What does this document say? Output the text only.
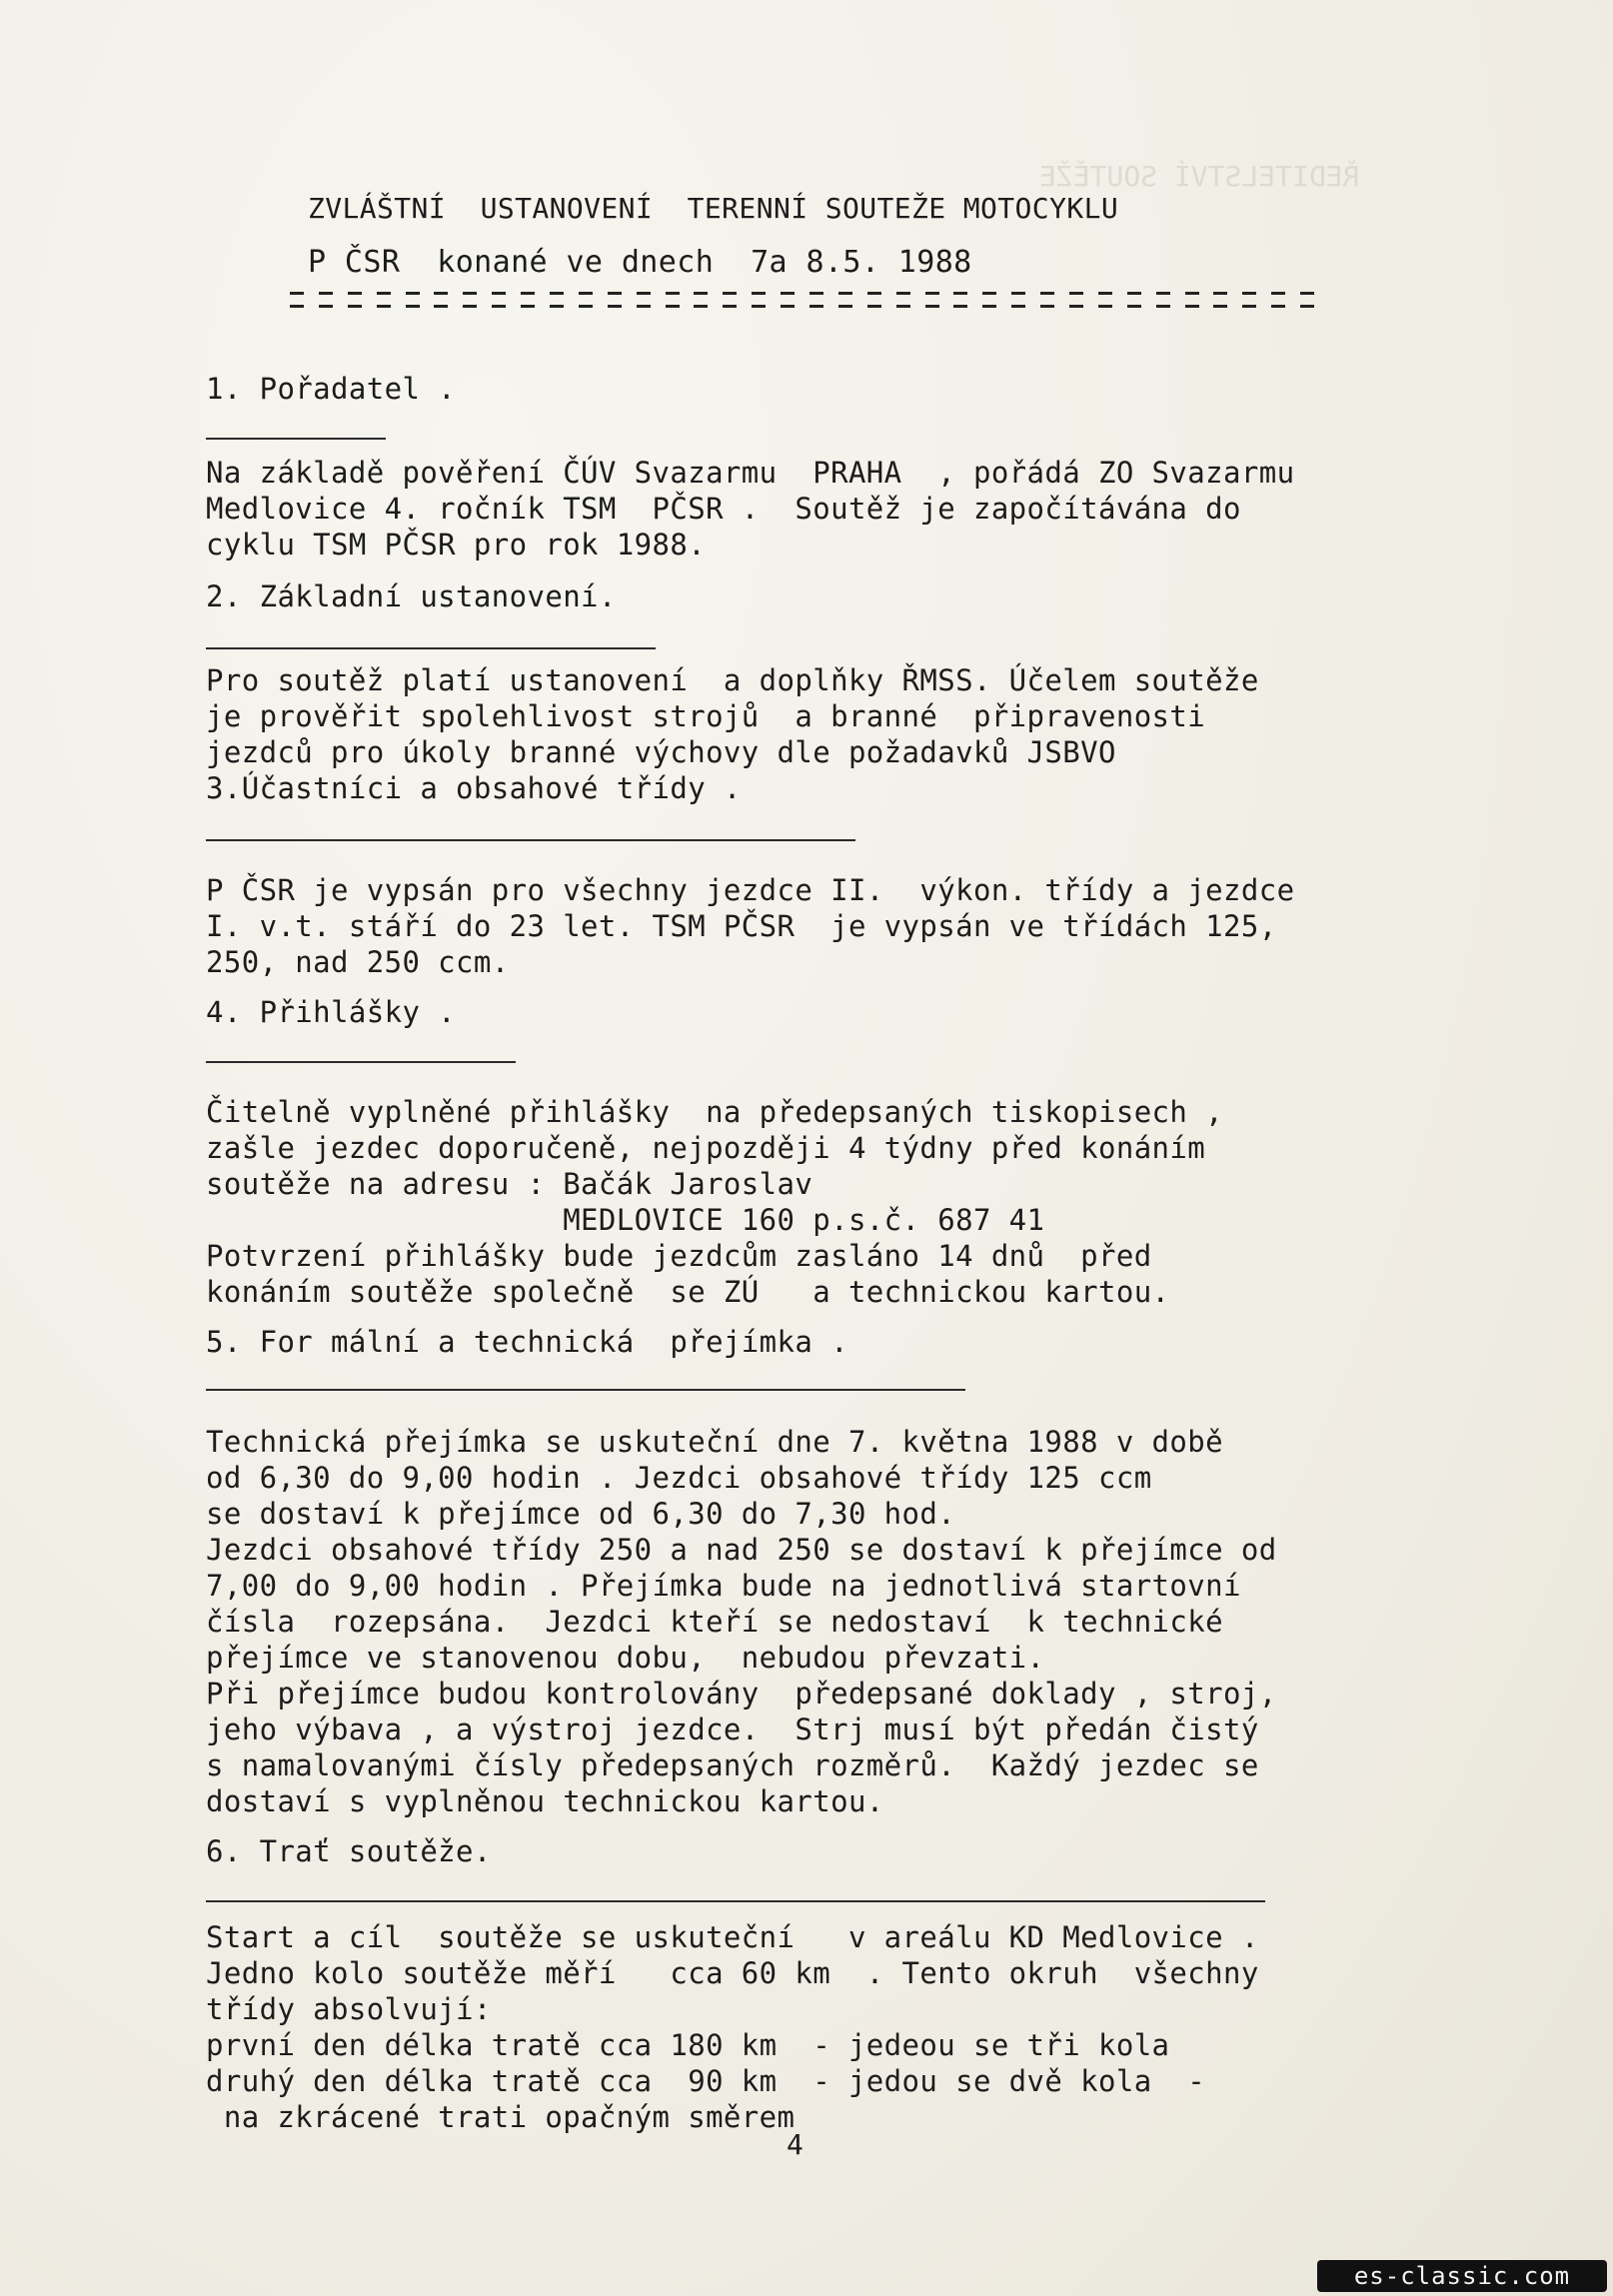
ŘEDITELSTVÍ SOUTĚŽE
ZVLÁŠTNÍ  USTANOVENÍ  TERENNÍ SOUTEŽE MOTOCYKLU
P ČSR  konané ve dnech  7a 8.5. 1988
1. Pořadatel .
Na základě pověření ČÚV Svazarmu  PRAHA  , pořádá ZO Svazarmu
Medlovice 4. ročník TSM  PČSR .  Soutěž je započítávána do
cyklu TSM PČSR pro rok 1988.
2. Základní ustanovení.
Pro soutěž platí ustanovení  a doplňky ŘMSS. Účelem soutěže
je prověřit spolehlivost strojů  a branné  připravenosti
jezdců pro úkoly branné výchovy dle požadavků JSBVO
3.Účastníci a obsahové třídy .
P ČSR je vypsán pro všechny jezdce II.  výkon. třídy a jezdce
I. v.t. stáří do 23 let. TSM PČSR  je vypsán ve třídách 125,
250, nad 250 ccm.
4. Přihlášky .
Čitelně vyplněné přihlášky  na předepsaných tiskopisech ,
zašle jezdec doporučeně, nejpozději 4 týdny před konáním
soutěže na adresu : Bačák Jaroslav
MEDLOVICE 160 p.s.č. 687 41
Potvrzení přihlášky bude jezdcům zasláno 14 dnů  před
konáním soutěže společně  se ZÚ   a technickou kartou.
5. For mální a technická  přejímka .
Technická přejímka se uskuteční dne 7. května 1988 v době
od 6,30 do 9,00 hodin . Jezdci obsahové třídy 125 ccm
se dostaví k přejímce od 6,30 do 7,30 hod.
Jezdci obsahové třídy 250 a nad 250 se dostaví k přejímce od
7,00 do 9,00 hodin . Přejímka bude na jednotlivá startovní
čísla  rozepsána.  Jezdci kteří se nedostaví  k technické
přejímce ve stanovenou dobu,  nebudou převzati.
Při přejímce budou kontrolovány  předepsané doklady , stroj,
jeho výbava , a výstroj jezdce.  Strj musí být předán čistý
s namalovanými čísly předepsaných rozměrů.  Každý jezdec se
dostaví s vyplněnou technickou kartou.
6. Trať soutěže.
Start a cíl  soutěže se uskuteční   v areálu KD Medlovice .
Jedno kolo soutěže měří   cca 60 km  . Tento okruh  všechny
třídy absolvují:
první den délka tratě cca 180 km  - jedeou se tři kola
druhý den délka tratě cca  90 km  - jedou se dvě kola  -
na zkrácené trati opačným směrem
4
es-classic.com
